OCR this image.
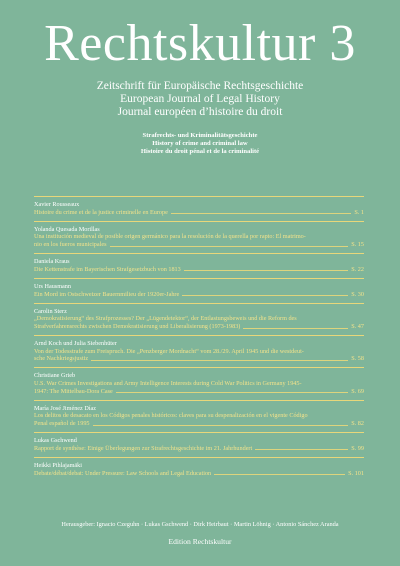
Rechtskultur 3
Zeitschrift für Europäische Rechtsgeschichte
European Journal of Legal History
Journal européen d’histoire du droit
Strafrechts- und Kriminalitätsgeschichte
History of crime and criminal law
Histoire du droit pénal et de la criminalité
Xavier Rousseaux
Histoire du crime et de la justice criminelle en Europe	S. 1
Yolanda Quesada Morillas
Una institución medieval de posible origen germánico para la resolución de la querella por rapto: El matrimo-
nio en los fueros municipales	S. 15
Daniela Kraus
Die Kettenstrafe im Bayerischen Strafgesetzbuch von 1813	S. 22
Urs Hausmann
Ein Mord im Ostschweizer Bauernmilieu der 1920er-Jahre	S. 30
Carolin Sterz
„Demokratisierung“ des Strafprozesses? Der „Lügendetektor“, der Entlastungsbeweis und die Reform des
Strafverfahrensrechts zwischen Demokratisierung und Liberalisierung (1973-1983)	S. 47
Arnd Koch und Julia Siebenhüter
Von der Todesstrafe zum Freispruch. Die „Penzberger Mordnacht“ vom 28./29. April 1945 und die westdeut-
sche Nachkriegsjustiz	S. 58
Christiane Grieb
U.S. War Crimes Investigations and Army Intelligence Interests during Cold War Politics in Germany 1945-
1947: The Mittelbau-Dora Case	S. 69
María José Jiménez Díaz
Los delitos de desacato en los Códigos penales históricos: claves para su despenalización en el vigente Código
Penal español de 1995	S. 82
Lukas Gschwend
Rapport de synthèse: Einige Überlegungen zur Strafrechtsgeschichte im 21. Jahrhundert	S. 99
Heikki Pihlajamäki
Debate/débat/debat: Under Pressure: Law Schools and Legal Education	S. 101
Herausgeber: Ignacio Czeguhn · Lukas Gschwend · Dirk Heirbaut · Martin Löhnig · Antonio Sánchez Aranda
Edition Rechtskultur
